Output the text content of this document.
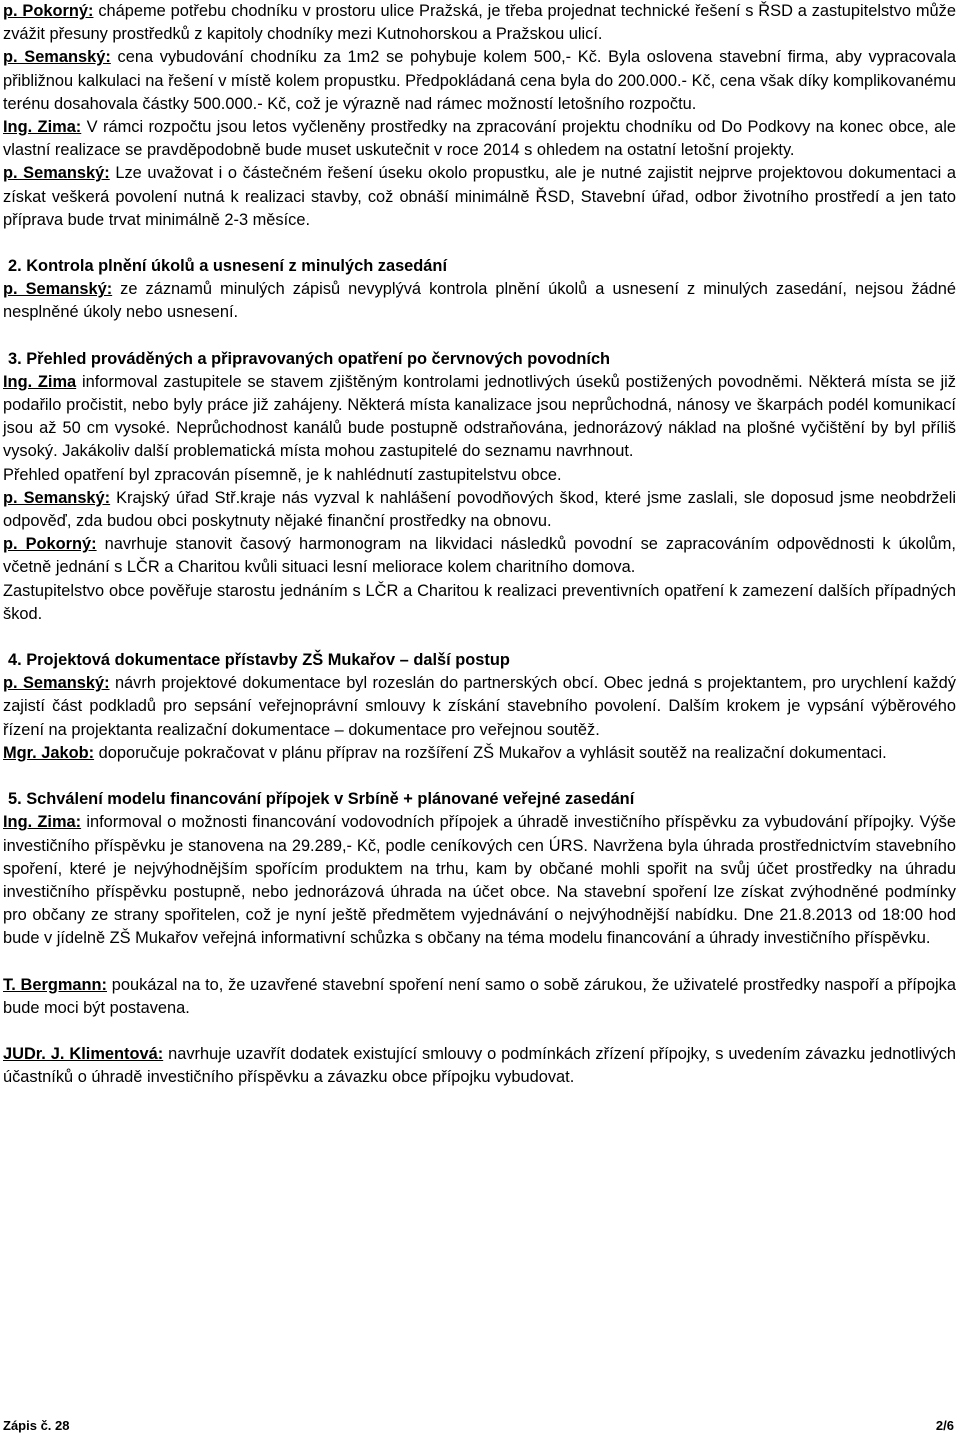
p. Pokorný: chápeme potřebu chodníku v prostoru ulice Pražská, je třeba projednat technické řešení s ŘSD a zastupitelstvo může zvážit přesuny prostředků z kapitoly chodníky mezi Kutnohorskou a Pražskou ulicí.

p. Semanský: cena vybudování chodníku za 1m2 se pohybuje kolem 500,- Kč. Byla oslovena stavební firma, aby vypracovala přibližnou kalkulaci na řešení v místě kolem propustku. Předpokládaná cena byla do 200.000.- Kč, cena však díky komplikovanému terénu dosahovala částky 500.000.- Kč, což je výrazně nad rámec možností letošního rozpočtu.

Ing. Zima: V rámci rozpočtu jsou letos vyčleněny prostředky na zpracování projektu chodníku od Do Podkovy na konec obce, ale vlastní realizace se pravděpodobně bude muset uskutečnit v roce 2014 s ohledem na ostatní letošní projekty.

p. Semanský: Lze uvažovat i o částečném řešení úseku okolo propustku, ale je nutné zajistit nejprve projektovou dokumentaci a získat veškerá povolení nutná k realizaci stavby, což obnáší minimálně ŘSD, Stavební úřad, odbor životního prostředí a jen tato příprava bude trvat minimálně 2-3 měsíce.

2. Kontrola plnění úkolů a usnesení z minulých zasedání

p. Semanský: ze záznamů minulých zápisů nevyplývá kontrola plnění úkolů a usnesení z minulých zasedání, nejsou žádné nesplněné úkoly nebo usnesení.

3. Přehled prováděných a připravovaných opatření po červnových povodních

Ing. Zima informoval zastupitele se stavem zjištěným kontrolami jednotlivých úseků postižených povodněmi. Některá místa se již podařilo pročistit, nebo byly práce již zahájeny. Některá místa kanalizace jsou neprůchodná, nánosy ve škarpách podél komunikací jsou až 50 cm vysoké. Neprůchodnost kanálů bude postupně odstraňována, jednorázový náklad na plošné vyčištění by byl příliš vysoký. Jakákoliv další problematická místa mohou zastupitelé do seznamu navrhnout.

Přehled opatření byl zpracován písemně, je k nahlédnutí zastupitelstvu obce.

p. Semanský: Krajský úřad Stř.kraje nás vyzval k nahlášení povodňových škod, které jsme zaslali, sle doposud jsme neobdrželi odpověď, zda budou obci poskytnuty nějaké finanční prostředky na obnovu.

p. Pokorný: navrhuje stanovit časový harmonogram na likvidaci následků povodní se zapracováním odpovědnosti k úkolům, včetně jednání s LČR a Charitou kvůli situaci lesní meliorace kolem charitního domova.

Zastupitelstvo obce pověřuje starostu jednáním s LČR a Charitou k realizaci preventivních opatření k zamezení dalších případných škod.

4. Projektová dokumentace přístavby ZŠ Mukařov – další postup

p. Semanský: návrh projektové dokumentace byl rozeslán do partnerských obcí. Obec jedná s projektantem, pro urychlení každý zajistí část podkladů pro sepsání veřejnoprávní smlouvy k získání stavebního povolení. Dalším krokem je vypsání výběrového řízení na projektanta realizační dokumentace – dokumentace pro veřejnou soutěž.

Mgr. Jakob: doporučuje pokračovat v plánu příprav na rozšíření ZŠ Mukařov a vyhlásit soutěž na realizační dokumentaci.

5. Schválení modelu financování přípojek v Srbíně + plánované veřejné zasedání

Ing. Zima: informoval o možnosti financování vodovodních přípojek a úhradě investičního příspěvku za vybudování přípojky. Výše investičního příspěvku je stanovena na 29.289,- Kč, podle ceníkových cen ÚRS. Navržena byla úhrada prostřednictvím stavebního spoření, které je nejvýhodnějším spořícím produktem na trhu, kam by občané mohli spořit na svůj účet prostředky na úhradu investičního příspěvku postupně, nebo jednorázová úhrada na účet obce. Na stavební spoření lze získat zvýhodněné podmínky pro občany ze strany spořitelen, což je nyní ještě předmětem vyjednávání o nejvýhodnější nabídku. Dne 21.8.2013 od 18:00 hod bude v jídelně ZŠ Mukařov veřejná informativní schůzka s občany na téma modelu financování a úhrady investičního příspěvku.

T. Bergmann: poukázal na to, že uzavřené stavební spoření není samo o sobě zárukou, že uživatelé prostředky naspoří a přípojka bude moci být postavena.

JUDr. J. Klimentová: navrhuje uzavřít dodatek existující smlouvy o podmínkách zřízení přípojky, s uvedením závazku jednotlivých účastníků o úhradě investičního příspěvku a závazku obce přípojku vybudovat.

Zápis č. 28	2/6
